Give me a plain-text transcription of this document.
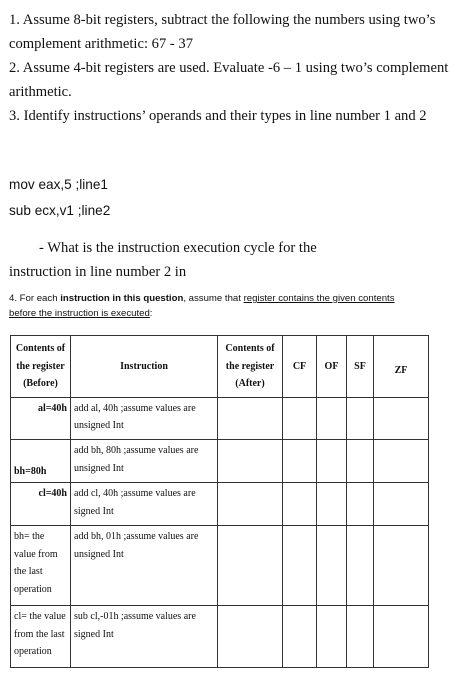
1. Assume 8-bit registers, subtract the following the numbers using two’s complement arithmetic: 67 - 37

2. Assume 4-bit registers are used. Evaluate -6 – 1 using two’s complement arithmetic.

3. Identify instructions’ operands and their types in line number 1 and 2

mov eax,5 ;line1

sub ecx,v1 ;line2

- What is the instruction execution cycle for the
instruction in line number 2 in

4. For each instruction in this question, assume that register contains the given contents
before the instruction is executed:

Contents of the register (Before)	Instruction	Contents of the register (After)	CF	OF	SF	ZF
al=40h	add al, 40h ;assume values are unsigned Int					
bh=80h	add bh, 80h ;assume values are unsigned Int					
cl=40h	add cl, 40h ;assume values are signed Int					
bh= the value from the last operation	add bh, 01h ;assume values are unsigned Int					
cl= the value from the last operation	sub cl,-01h ;assume values are signed Int					
